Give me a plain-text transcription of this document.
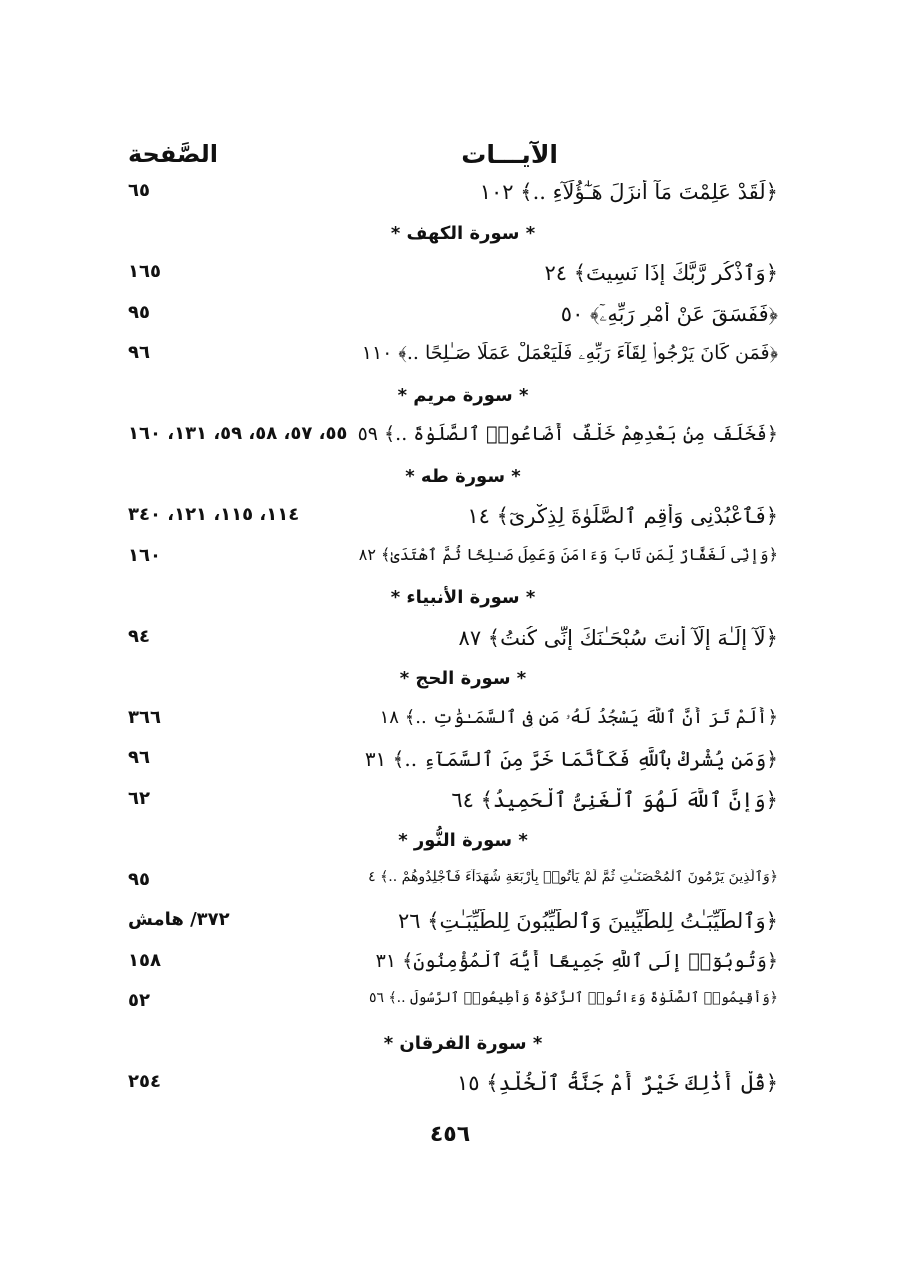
الآيـــات
الصَّفحة
﴿لَقَدْ عَلِمْتَ مَآ أَنزَلَ هَـٰٓؤُلَآءِ ..﴾ ١٠٢
٦٥
* سورة الكهف *
﴿وَٱذْكُر رَّبَّكَ إِذَا نَسِيتَ﴾ ٢٤
١٦٥
﴿فَفَسَقَ عَنْ أَمْرِ رَبِّهِۦٓ﴾ ٥٠
٩٥
﴿فَمَن كَانَ يَرْجُوا۟ لِقَآءَ رَبِّهِۦ فَلْيَعْمَلْ عَمَلًا صَـٰلِحًا ..﴾ ١١٠
٩٦
* سورة مريم *
﴿فَخَلَفَ مِنۢ بَعْدِهِمْ خَلْفٌ أَضَاعُوا۟ ٱلصَّلَوٰةَ ..﴾ ٥٩
٥٥، ٥٧، ٥٨، ٥٩، ١٣١، ١٦٠
* سورة طه *
﴿فَٱعْبُدْنِى وَأَقِمِ ٱلصَّلَوٰةَ لِذِكْرِىٓ﴾ ١٤
١١٤، ١١٥، ١٢١، ٣٤٠
﴿وَإِنِّى لَغَفَّارٌ لِّمَن تَابَ وَءَامَنَ وَعَمِلَ صَـٰلِحًا ثُمَّ ٱهْتَدَىٰ﴾ ٨٢
١٦٠
* سورة الأنبياء *
﴿لَّآ إِلَـٰهَ إِلَّآ أَنتَ سُبْحَـٰنَكَ إِنِّى كُنتُ﴾ ٨٧
٩٤
* سورة الحج *
﴿أَلَمْ تَرَ أَنَّ ٱللَّهَ يَسْجُدُ لَهُۥ مَن فِى ٱلسَّمَـٰوَٰتِ ..﴾ ١٨
٣٦٦
﴿وَمَن يُشْرِكْ بِٱللَّهِ فَكَأَنَّمَا خَرَّ مِنَ ٱلسَّمَآءِ ..﴾ ٣١
٩٦
﴿وَإِنَّ ٱللَّهَ لَهُوَ ٱلْغَنِىُّ ٱلْحَمِيدُ﴾ ٦٤
٦٢
* سورة النُّور *
﴿وَٱلَّذِينَ يَرْمُونَ ٱلْمُحْصَنَـٰتِ ثُمَّ لَمْ يَأْتُوا۟ بِأَرْبَعَةِ شُهَدَآءَ فَٱجْلِدُوهُمْ ..﴾ ٤
٩٥
﴿وَٱلطَّيِّبَـٰتُ لِلطَّيِّبِينَ وَٱلطَّيِّبُونَ لِلطَّيِّبَـٰتِ﴾ ٢٦
٣٧٢/ هامش
﴿وَتُوبُوٓا۟ إِلَى ٱللَّهِ جَمِيعًا أَيُّهَ ٱلْمُؤْمِنُونَ﴾ ٣١
١٥٨
﴿وَأَقِيمُوا۟ ٱلصَّلَوٰةَ وَءَاتُوا۟ ٱلزَّكَوٰةَ وَأَطِيعُوا۟ ٱلرَّسُولَ ..﴾ ٥٦
٥٢
* سورة الفرقان *
﴿قُلْ أَذَٰلِكَ خَيْرٌ أَمْ جَنَّةُ ٱلْخُلْدِ﴾ ١٥
٢٥٤
٤٥٦
